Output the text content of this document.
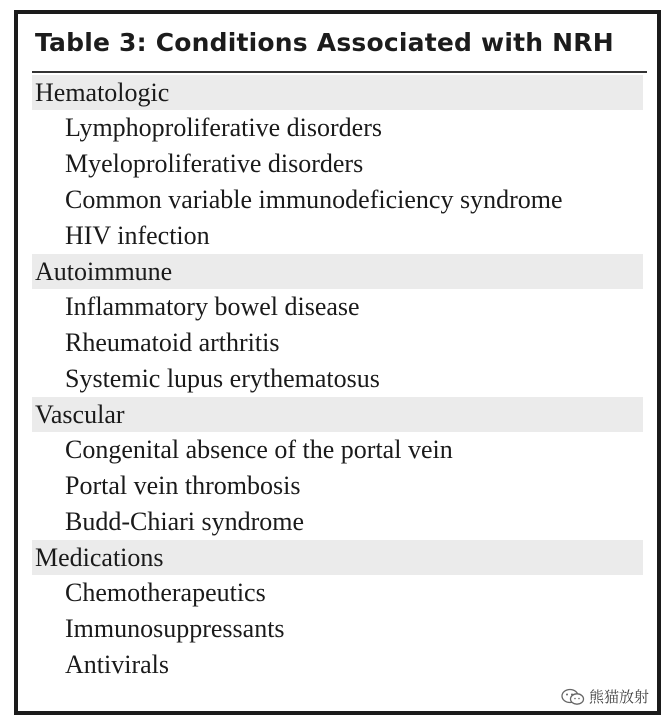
Table 3: Conditions Associated with NRH
Hematologic
Lymphoproliferative disorders
Myeloproliferative disorders
Common variable immunodeficiency syndrome
HIV infection
Autoimmune
Inflammatory bowel disease
Rheumatoid arthritis
Systemic lupus erythematosus
Vascular
Congenital absence of the portal vein
Portal vein thrombosis
Budd-Chiari syndrome
Medications
Chemotherapeutics
Immunosuppressants
Antivirals
熊猫放射
